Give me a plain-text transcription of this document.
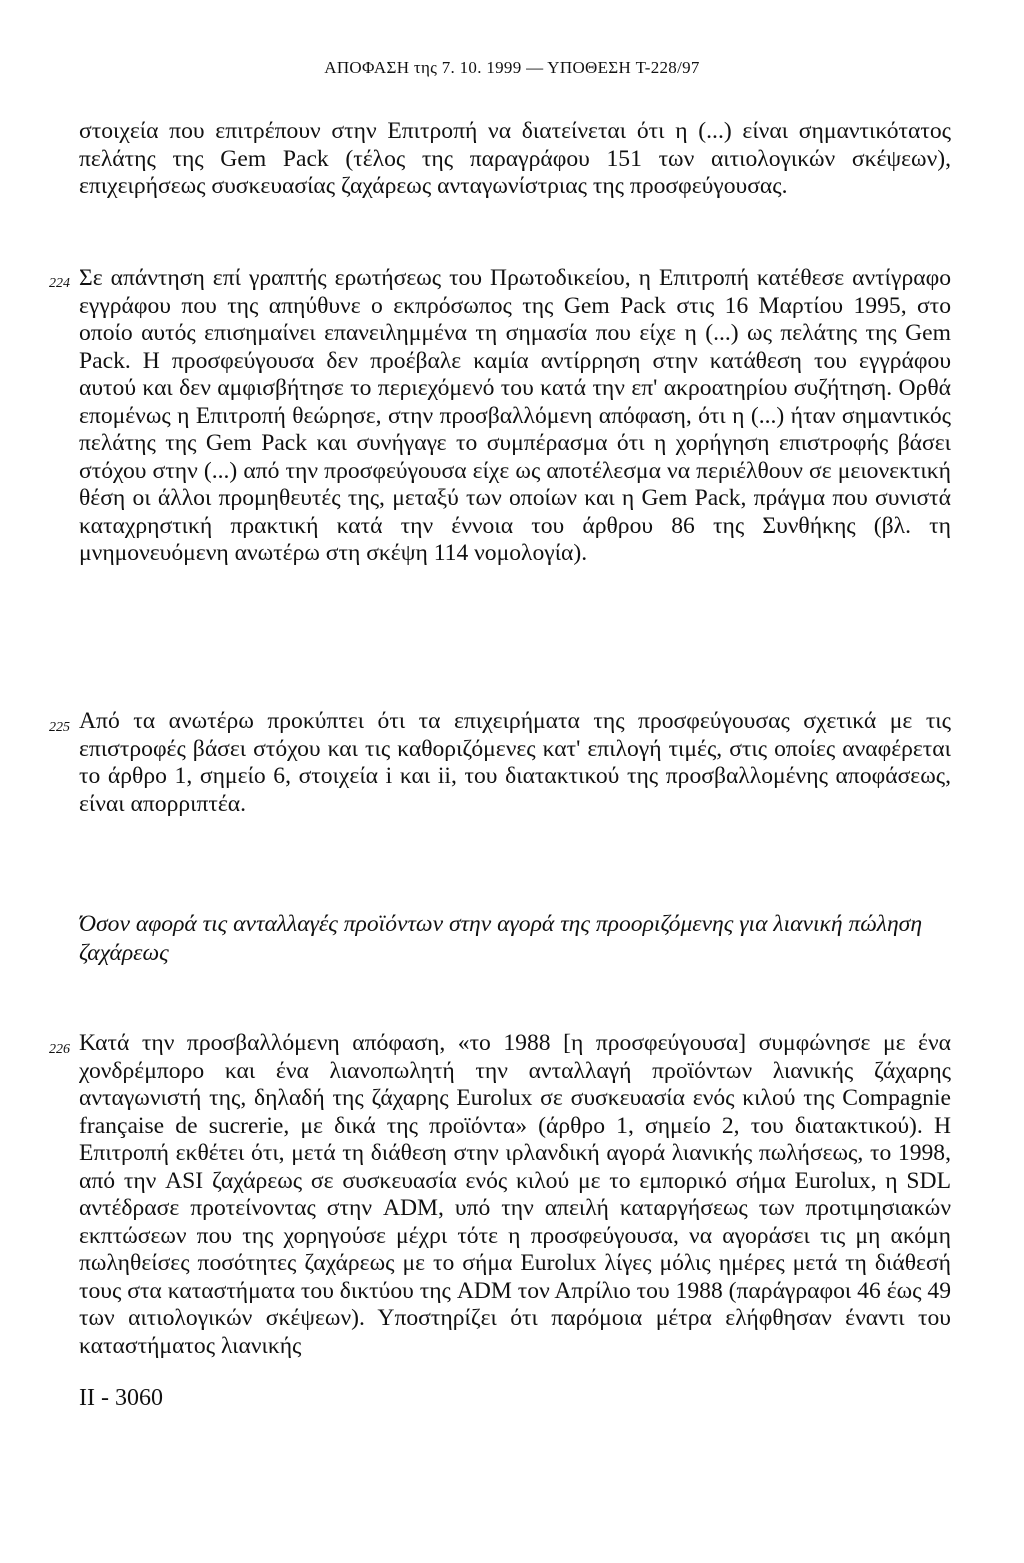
ΑΠΟΦΑΣΗ της 7. 10. 1999 — ΥΠΟΘΕΣΗ T-228/97

στοιχεία που επιτρέπουν στην Επιτροπή να διατείνεται ότι η (...) είναι σημαντικότατος πελάτης της Gem Pack (τέλος της παραγράφου 151 των αιτιολογικών σκέψεων), επιχειρήσεως συσκευασίας ζαχάρεως ανταγωνίστριας της προσφεύγουσας.

224 Σε απάντηση επί γραπτής ερωτήσεως του Πρωτοδικείου, η Επιτροπή κατέθεσε αντίγραφο εγγράφου που της απηύθυνε ο εκπρόσωπος της Gem Pack στις 16 Μαρτίου 1995, στο οποίο αυτός επισημαίνει επανειλημμένα τη σημασία που είχε η (...) ως πελάτης της Gem Pack. Η προσφεύγουσα δεν προέβαλε καμία αντίρρηση στην κατάθεση του εγγράφου αυτού και δεν αμφισβήτησε το περιεχόμενό του κατά την επ' ακροατηρίου συζήτηση. Ορθά επομένως η Επιτροπή θεώρησε, στην προσβαλλόμενη απόφαση, ότι η (...) ήταν σημαντικός πελάτης της Gem Pack και συνήγαγε το συμπέρασμα ότι η χορήγηση επιστροφής βάσει στόχου στην (...) από την προσφεύγουσα είχε ως αποτέλεσμα να περιέλθουν σε μειονεκτική θέση οι άλλοι προμηθευτές της, μεταξύ των οποίων και η Gem Pack, πράγμα που συνιστά καταχρηστική πρακτική κατά την έννοια του άρθρου 86 της Συνθήκης (βλ. τη μνημονευόμενη ανωτέρω στη σκέψη 114 νομολογία).

225 Από τα ανωτέρω προκύπτει ότι τα επιχειρήματα της προσφεύγουσας σχετικά με τις επιστροφές βάσει στόχου και τις καθοριζόμενες κατ' επιλογή τιμές, στις οποίες αναφέρεται το άρθρο 1, σημείο 6, στοιχεία i και ii, του διατακτικού της προσβαλλομένης αποφάσεως, είναι απορριπτέα.

Όσον αφορά τις ανταλλαγές προϊόντων στην αγορά της προοριζόμενης για λιανική πώληση ζαχάρεως

226 Κατά την προσβαλλόμενη απόφαση, «το 1988 [η προσφεύγουσα] συμφώνησε με ένα χονδρέμπορο και ένα λιανοπωλητή την ανταλλαγή προϊόντων λιανικής ζάχαρης ανταγωνιστή της, δηλαδή της ζάχαρης Eurolux σε συσκευασία ενός κιλού της Compagnie française de sucrerie, με δικά της προϊόντα» (άρθρο 1, σημείο 2, του διατακτικού). Η Επιτροπή εκθέτει ότι, μετά τη διάθεση στην ιρλανδική αγορά λιανικής πωλήσεως, το 1998, από την ASI ζαχάρεως σε συσκευασία ενός κιλού με το εμπορικό σήμα Eurolux, η SDL αντέδρασε προτείνοντας στην ADM, υπό την απειλή καταργήσεως των προτιμησιακών εκπτώσεων που της χορηγούσε μέχρι τότε η προσφεύγουσα, να αγοράσει τις μη ακόμη πωληθείσες ποσότητες ζαχάρεως με το σήμα Eurolux λίγες μόλις ημέρες μετά τη διάθεσή τους στα καταστήματα του δικτύου της ADM τον Απρίλιο του 1988 (παράγραφοι 46 έως 49 των αιτιολογικών σκέψεων). Υποστηρίζει ότι παρόμοια μέτρα ελήφθησαν έναντι του καταστήματος λιανικής

II - 3060
